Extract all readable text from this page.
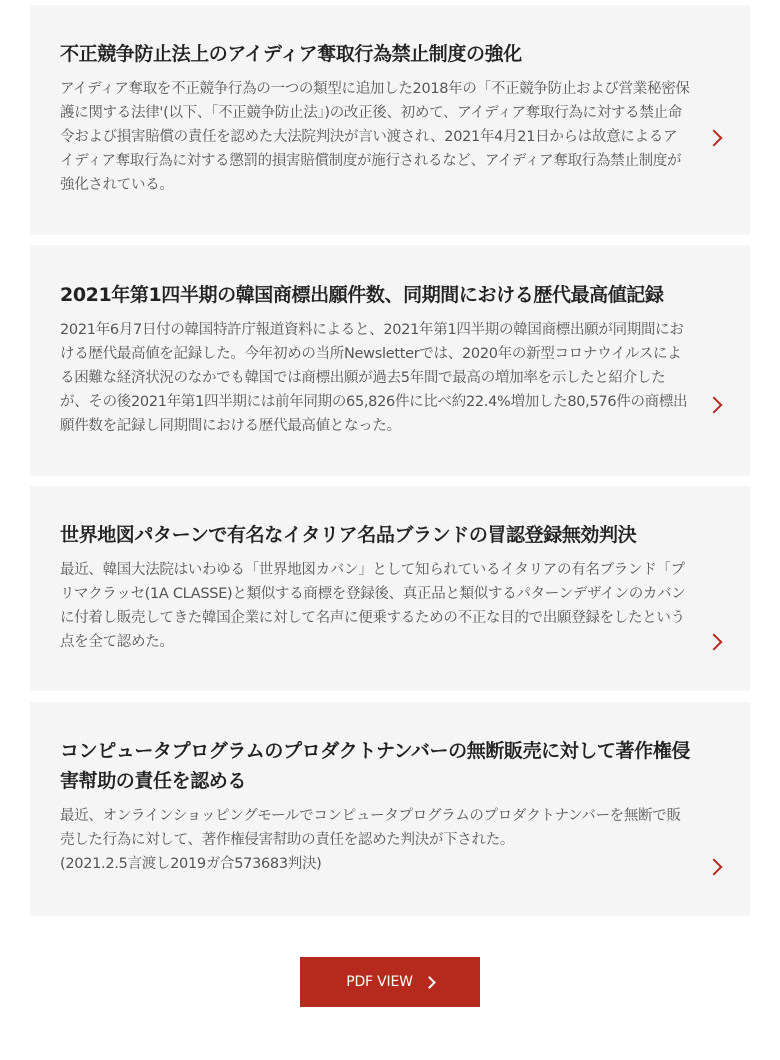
不正競争防止法上のアイディア奪取行為禁止制度の強化

アイディア奪取を不正競争行為の一つの類型に追加した2018年の「不正競争防止および営業秘密保護に関する法律'(以下、「不正競争防止法」)の改正後、初めて、アイディア奪取行為に対する禁止命令および損害賠償の責任を認めた大法院判決が言い渡され、2021年4月21日からは故意によるアイディア奪取行為に対する懲罰的損害賠償制度が施行されるなど、アイディア奪取行為禁止制度が強化されている。

2021年第1四半期の韓国商標出願件数、同期間における歴代最高値記録

2021年6月7日付の韓国特許庁報道資料によると、2021年第1四半期の韓国商標出願が同期間における歴代最高値を記録した。今年初めの当所Newsletterでは、2020年の新型コロナウイルスによる困難な経済状況のなかでも韓国では商標出願が過去5年間で最高の増加率を示したと紹介したが、その後2021年第1四半期には前年同期の65,826件に比べ約22.4%増加した80,576件の商標出願件数を記録し同期間における歴代最高値となった。

世界地図パターンで有名なイタリア名品ブランドの冒認登録無効判決

最近、韓国大法院はいわゆる「世界地図カバン」として知られているイタリアの有名ブランド「プリマクラッセ(1A CLASSE)と類似する商標を登録後、真正品と類似するパターンデザインのカバンに付着し販売してきた韓国企業に対して名声に便乗するための不正な目的で出願登録をしたという点を全て認めた。

コンピュータプログラムのプロダクトナンバーの無断販売に対して著作権侵害幇助の責任を認める

最近、オンラインショッピングモールでコンピュータプログラムのプロダクトナンバーを無断で販売した行為に対して、著作権侵害幇助の責任を認めた判決が下された。
(2021.2.5言渡し2019ガ合573683判決)

PDF VIEW
